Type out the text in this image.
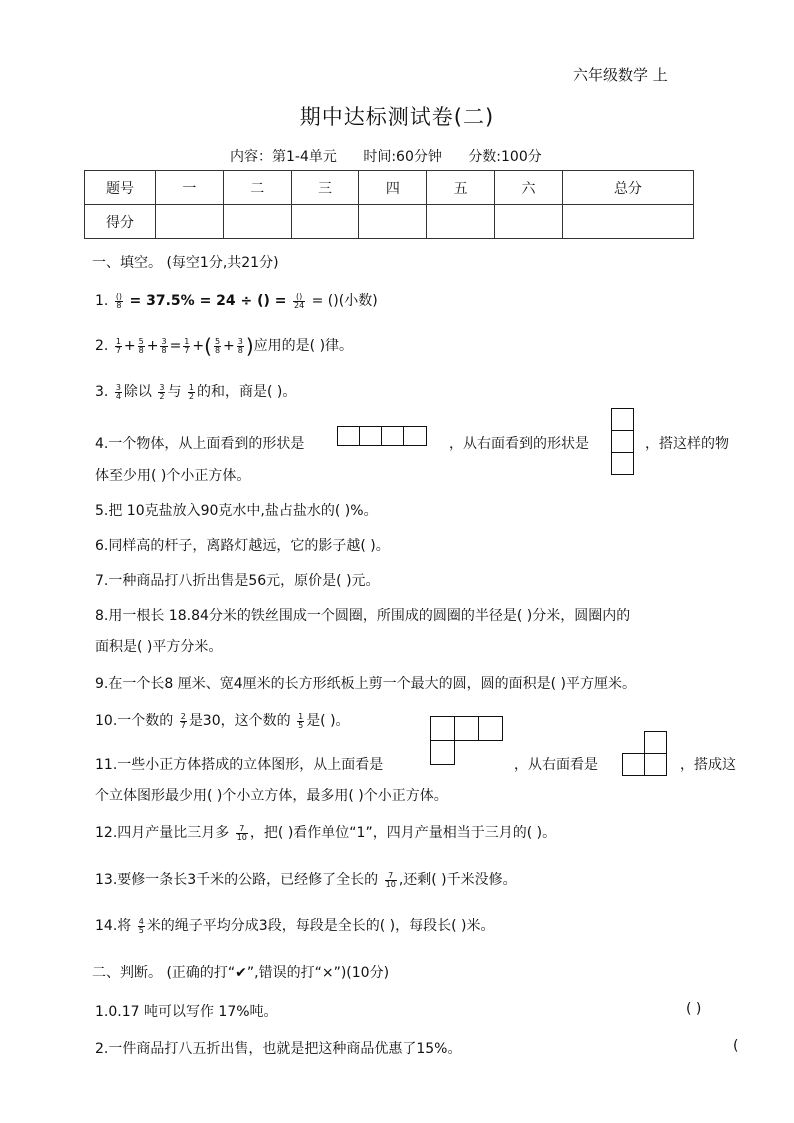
六年级数学 上
期中达标测试卷(二)
内容：第1-4单元 时间:60分钟 分数:100分
题号	一	二	三	四	五	六	总分
得分							
一、填空。 (每空1分,共21分)
1. $\frac{()}{8} = 37.5\% = 24$ ÷ () = $\frac{()}{24}$ = ()(小数)
2. $\frac{1}{7} + \frac{5}{8} + \frac{3}{8} = \frac{1}{7}$ +( $\frac{5}{8} + \frac{3}{8}$ )应用的是( )律。
3. $\frac{3}{4}$ 除以 $\frac{3}{2}$ 与 $\frac{1}{2}$ 的和，商是( )。
4.一个物体，从上面看到的形状是	，从右面看到的形状是	，搭这样的物
体至少用( )个小正方体。
5.把 10克盐放入90克水中,盐占盐水的( )%。
6.同样高的杆子，离路灯越远，它的影子越( )。
7.一种商品打八折出售是56元，原价是( )元。
8.用一根长 18.84分米的铁丝围成一个圆圈，所围成的圆圈的半径是( )分米，圆圈内的
面积是( )平方分米。
9.在一个长8 厘米、宽4厘米的长方形纸板上剪一个最大的圆，圆的面积是( )平方厘米。
10.一个数的 $\frac{2}{7}$ 是30，这个数的 $\frac{1}{5}$ 是( )。
11.一些小正方体搭成的立体图形，从上面看是	，从右面看是	，搭成这
个立体图形最少用( )个小立方体，最多用( )个小正方体。
12.四月产量比三月多 $\frac{7}{10}$ ，把( )看作单位“1”，四月产量相当于三月的( )。
13.要修一条长3千米的公路，已经修了全长的 $\frac{7}{10}$ ,还剩( )千米没修。
14.将 $\frac{4}{5}$ 米的绳子平均分成3段，每段是全长的( )，每段长( )米。
二、判断。 (正确的打“✔”,错误的打“×”)(10分)
1.0.17 吨可以写作 17%吨。	( )
2.一件商品打八五折出售，也就是把这种商品优惠了15%。	(
